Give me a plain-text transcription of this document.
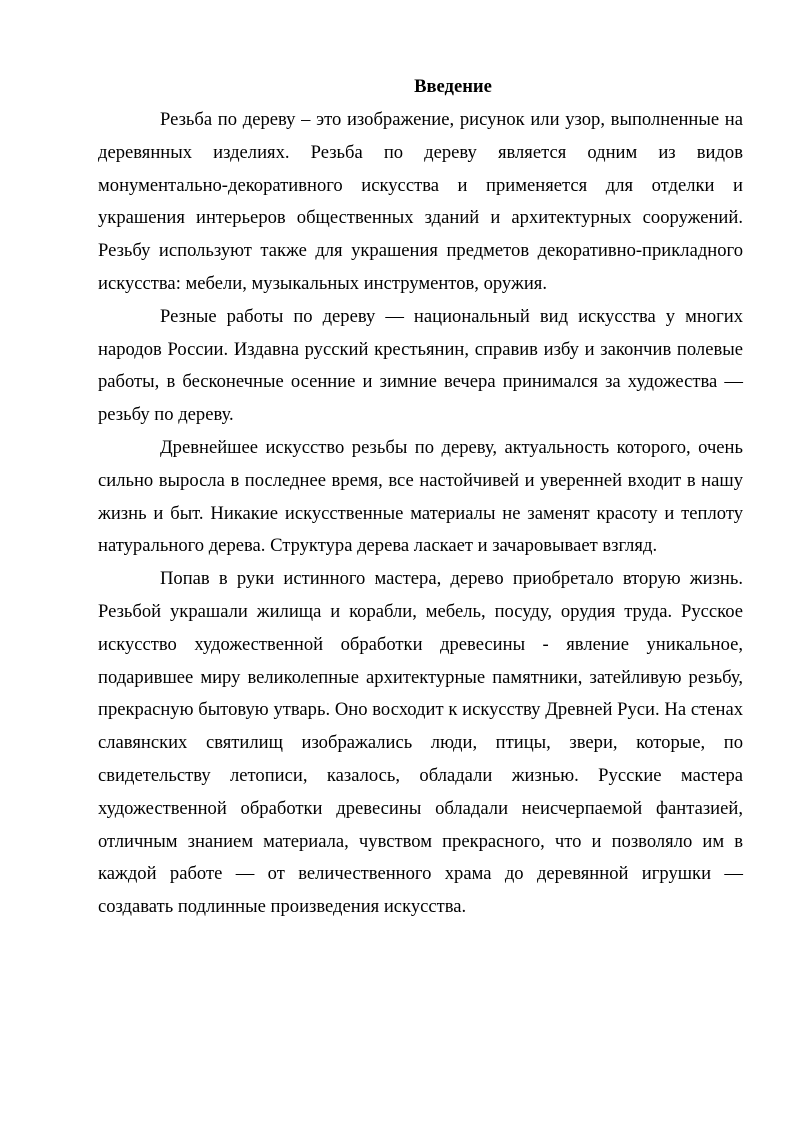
Введение

Резьба по дереву – это изображение, рисунок или узор, выполненные на деревянных изделиях. Резьба по дереву является одним из видов монументально-декоративного искусства и применяется для отделки и украшения интерьеров общественных зданий и архитектурных сооружений. Резьбу используют также для украшения предметов декоративно-прикладного искусства: мебели, музыкальных инструментов, оружия.

Резные работы по дереву — национальный вид искусства у многих народов России. Издавна русский крестьянин, справив избу и закончив полевые работы, в бесконечные осенние и зимние вечера принимался за художества — резьбу по дереву.

Древнейшее искусство резьбы по дереву, актуальность которого, очень сильно выросла в последнее время, все настойчивей и уверенней входит в нашу жизнь и быт. Никакие искусственные материалы не заменят красоту и теплоту натурального дерева. Структура дерева ласкает и зачаровывает взгляд.

Попав в руки истинного мастера, дерево приобретало вторую жизнь. Резьбой украшали жилища и корабли, мебель, посуду, орудия труда. Русское искусство художественной обработки древесины - явление уникальное, подарившее миру великолепные архитектурные памятники, затейливую резьбу, прекрасную бытовую утварь. Оно восходит к искусству Древней Руси. На стенах славянских святилищ изображались люди, птицы, звери, которые, по свидетельству летописи, казалось, обладали жизнью. Русские мастера художественной обработки древесины обладали неисчерпаемой фантазией, отличным знанием материала, чувством прекрасного, что и позволяло им в каждой работе — от величественного храма до деревянной игрушки — создавать подлинные произведения искусства.
